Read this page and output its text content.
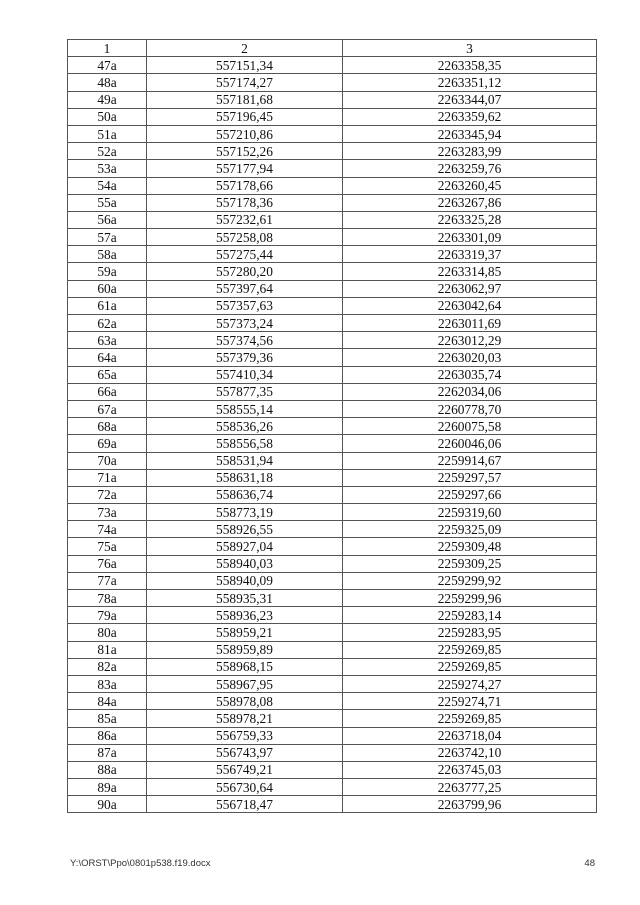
1	2	3
47a	557151,34	2263358,35
48a	557174,27	2263351,12
49a	557181,68	2263344,07
50a	557196,45	2263359,62
51a	557210,86	2263345,94
52a	557152,26	2263283,99
53a	557177,94	2263259,76
54a	557178,66	2263260,45
55a	557178,36	2263267,86
56a	557232,61	2263325,28
57a	557258,08	2263301,09
58a	557275,44	2263319,37
59a	557280,20	2263314,85
60a	557397,64	2263062,97
61a	557357,63	2263042,64
62a	557373,24	2263011,69
63a	557374,56	2263012,29
64a	557379,36	2263020,03
65a	557410,34	2263035,74
66a	557877,35	2262034,06
67a	558555,14	2260778,70
68a	558536,26	2260075,58
69a	558556,58	2260046,06
70a	558531,94	2259914,67
71a	558631,18	2259297,57
72a	558636,74	2259297,66
73a	558773,19	2259319,60
74a	558926,55	2259325,09
75a	558927,04	2259309,48
76a	558940,03	2259309,25
77a	558940,09	2259299,92
78a	558935,31	2259299,96
79a	558936,23	2259283,14
80a	558959,21	2259283,95
81a	558959,89	2259269,85
82a	558968,15	2259269,85
83a	558967,95	2259274,27
84a	558978,08	2259274,71
85a	558978,21	2259269,85
86a	556759,33	2263718,04
87a	556743,97	2263742,10
88a	556749,21	2263745,03
89a	556730,64	2263777,25
90a	556718,47	2263799,96
Y:\ORST\Ppo\0801p538.f19.docx	48
